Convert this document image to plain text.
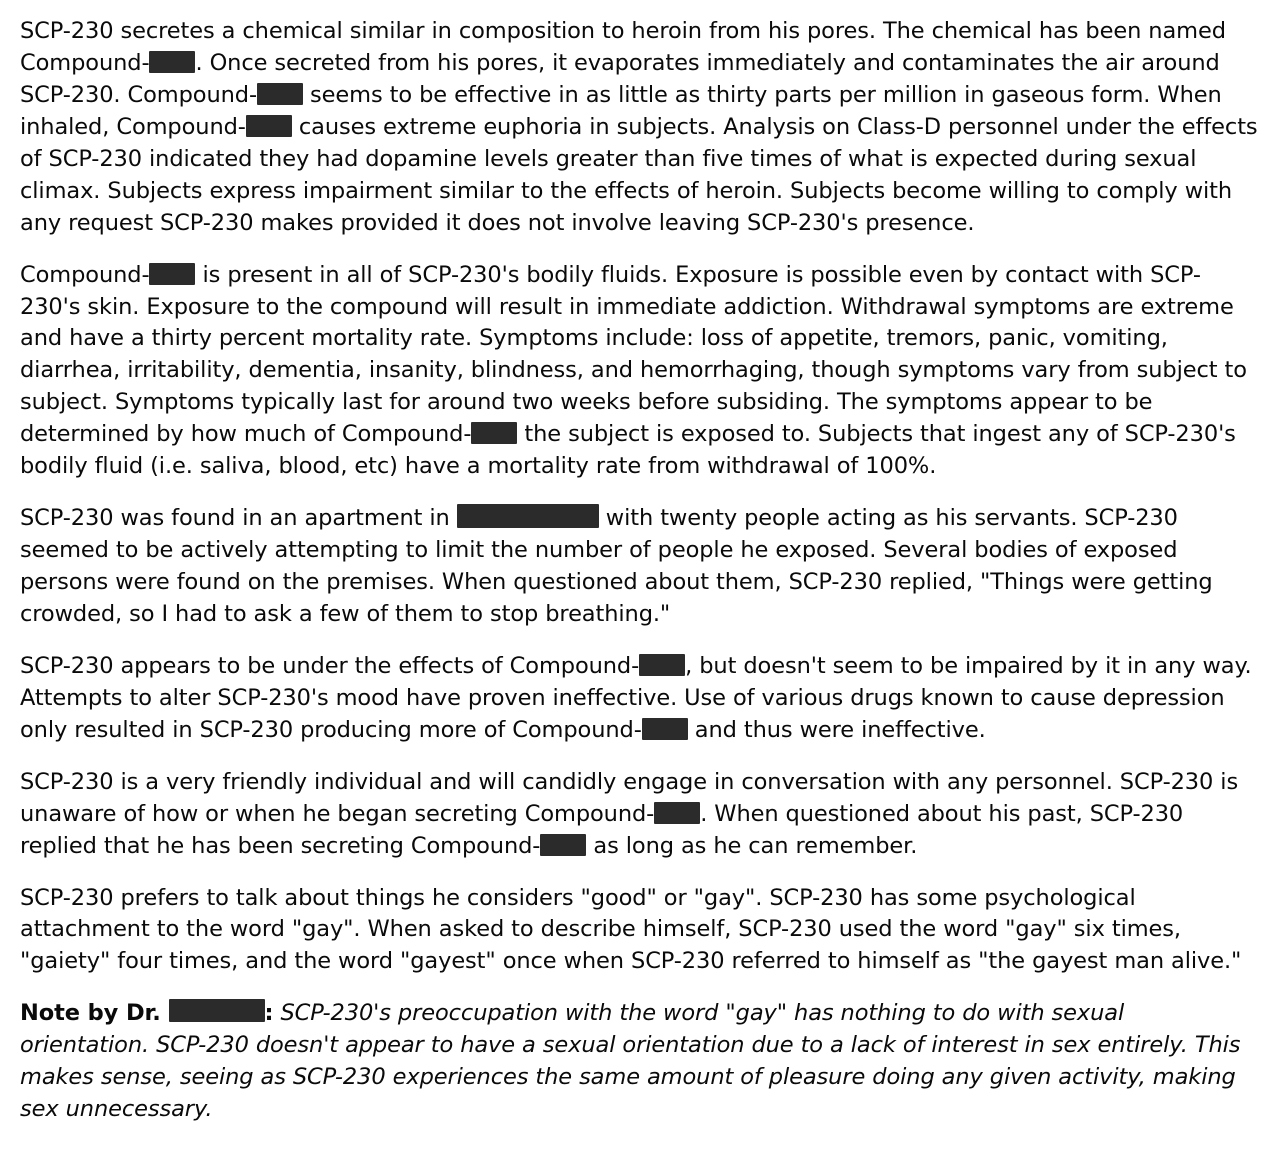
SCP-230 secretes a chemical similar in composition to heroin from his pores. The chemical has been named Compound- . Once secreted from his pores, it evaporates immediately and contaminates the air around SCP-230. Compound- seems to be effective in as little as thirty parts per million in gaseous form. When inhaled, Compound- causes extreme euphoria in subjects. Analysis on Class-D personnel under the effects of SCP-230 indicated they had dopamine levels greater than five times of what is expected during sexual climax. Subjects express impairment similar to the effects of heroin. Subjects become willing to comply with any request SCP-230 makes provided it does not involve leaving SCP-230's presence.

Compound- is present in all of SCP-230's bodily fluids. Exposure is possible even by contact with SCP-230's skin. Exposure to the compound will result in immediate addiction. Withdrawal symptoms are extreme and have a thirty percent mortality rate. Symptoms include: loss of appetite, tremors, panic, vomiting, diarrhea, irritability, dementia, insanity, blindness, and hemorrhaging, though symptoms vary from subject to subject. Symptoms typically last for around two weeks before subsiding. The symptoms appear to be determined by how much of Compound- the subject is exposed to. Subjects that ingest any of SCP-230's bodily fluid (i.e. saliva, blood, etc) have a mortality rate from withdrawal of 100%.

SCP-230 was found in an apartment in	with twenty people acting as his servants. SCP-230 seemed to be actively attempting to limit the number of people he exposed. Several bodies of exposed persons were found on the premises. When questioned about them, SCP-230 replied, "Things were getting crowded, so I had to ask a few of them to stop breathing."

SCP-230 appears to be under the effects of Compound- , but doesn't seem to be impaired by it in any way. Attempts to alter SCP-230's mood have proven ineffective. Use of various drugs known to cause depression only resulted in SCP-230 producing more of Compound- and thus were ineffective.

SCP-230 is a very friendly individual and will candidly engage in conversation with any personnel. SCP-230 is unaware of how or when he began secreting Compound- . When questioned about his past, SCP-230 replied that he has been secreting Compound- as long as he can remember.

SCP-230 prefers to talk about things he considers "good" or "gay". SCP-230 has some psychological attachment to the word "gay". When asked to describe himself, SCP-230 used the word "gay" six times, "gaiety" four times, and the word "gayest" once when SCP-230 referred to himself as "the gayest man alive."

Note by Dr.	: SCP-230's preoccupation with the word "gay" has nothing to do with sexual orientation. SCP-230 doesn't appear to have a sexual orientation due to a lack of interest in sex entirely. This makes sense, seeing as SCP-230 experiences the same amount of pleasure doing any given activity, making sex unnecessary.
